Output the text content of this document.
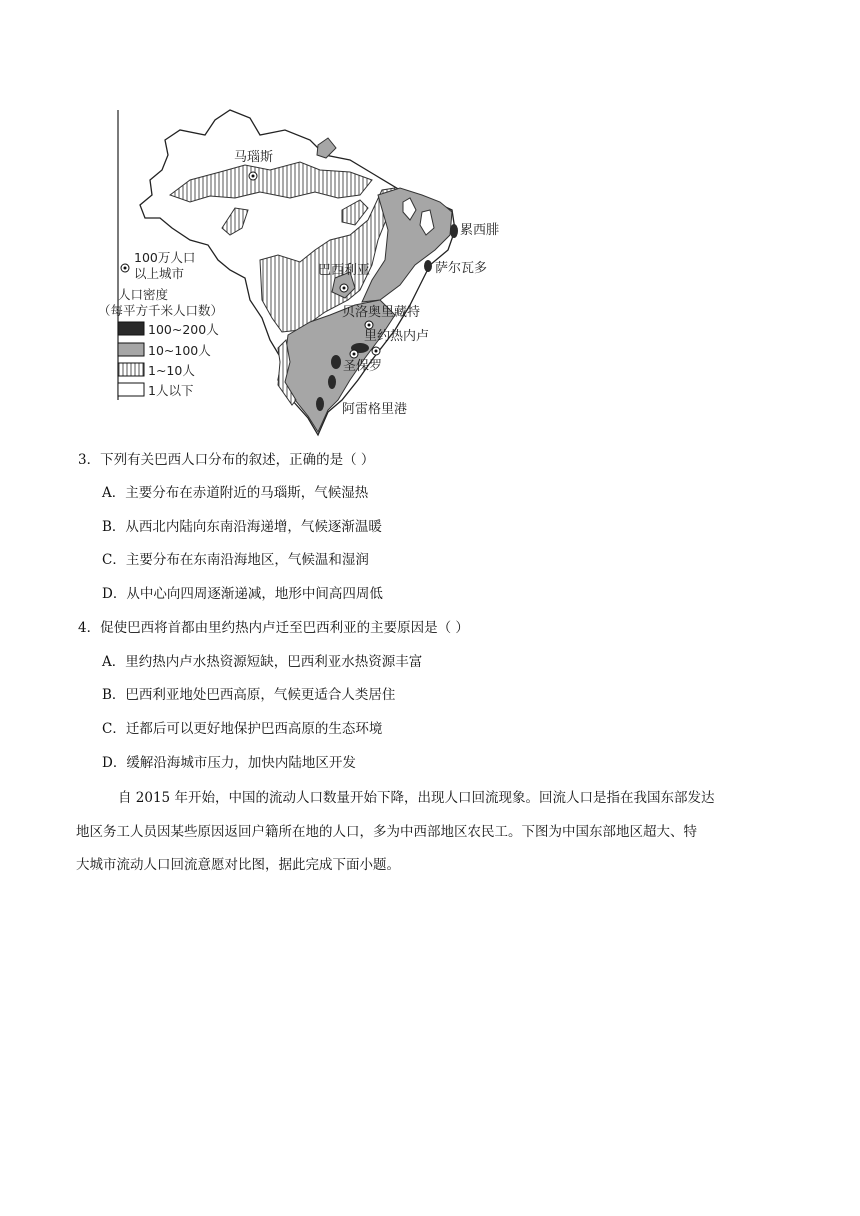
马瑙斯
累西腓
萨尔瓦多
巴西利亚
贝洛奥里藏特
里约热内卢
圣保罗
阿雷格里港
100万人口
以上城市
人口密度
（每平方千米人口数）
100~200人
10~100人
1~10人
1人以下
3．下列有关巴西人口分布的叙述，正确的是（ ）
A．主要分布在赤道附近的马瑙斯，气候湿热
B．从西北内陆向东南沿海递增，气候逐渐温暖
C．主要分布在东南沿海地区，气候温和湿润
D．从中心向四周逐渐递减，地形中间高四周低
4．促使巴西将首都由里约热内卢迁至巴西利亚的主要原因是（ ）
A．里约热内卢水热资源短缺，巴西利亚水热资源丰富
B．巴西利亚地处巴西高原，气候更适合人类居住
C．迁都后可以更好地保护巴西高原的生态环境
D．缓解沿海城市压力，加快内陆地区开发
自 2015 年开始，中国的流动人口数量开始下降，出现人口回流现象。回流人口是指在我国东部发达
地区务工人员因某些原因返回户籍所在地的人口，多为中西部地区农民工。下图为中国东部地区超大、特
大城市流动人口回流意愿对比图，据此完成下面小题。
